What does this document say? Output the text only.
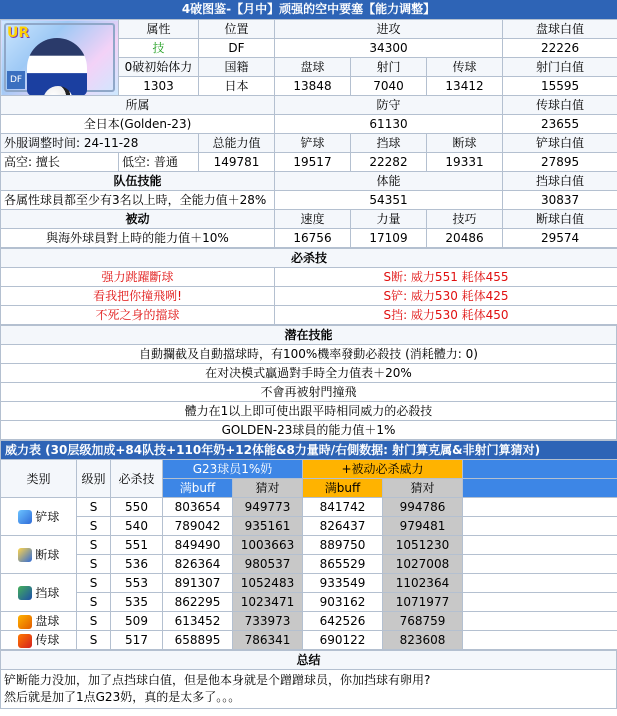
4破图鉴-【月中】顽强的空中要塞【能力调整】
UR
DF	属性	位置	进攻			盘球白值
	技	DF	34300			22226
	0破初始体力	国籍	盘球	射门	传球	射门白值
	1303	日本	13848	7040	13412	15595
所属			防守			传球白值
全日本(Golden-23)			61130			23655
外服调整时间: 24-11-28		总能力值	铲球	挡球	断球	铲球白值
高空: 擅长	低空: 普通	149781	19517	22282	19331	27895
队伍技能			体能			挡球白值
各属性球員都至少有3名以上時，全能力值＋28%			54351			30837
被动			速度	力量	技巧	断球白值
與海外球員對上時的能力值＋10%			16756	17109	20486	29574
必杀技	
强力跳躍斷球	S断: 威力551 耗体455
看我把你撞飛咧!	S铲: 威力530 耗体425
不死之身的擋球	S挡: 威力530 耗体450
潜在技能
自動攔截及自動擋球時，有100%機率發動必殺技 (消耗體力: 0)
在对决模式贏過對手時全力值表＋20%
不會再被射門撞飛
體力在1以上即可使出跟平時相同威力的必殺技
GOLDEN-23球員的能力值＋1%
威力表 (30层级加成+84队技+110年奶+12体能&8力量時/右側数据: 射门算克属&非射门算猜对)							
类别	级别	必杀技	G23球员1%奶		+被动必杀威力		
			满buff	猜对	满buff	猜对	
铲球	S	550	803654	949773	841742	994786	
	S	540	789042	935161	826437	979481	
断球	S	551	849490	1003663	889750	1051230	
	S	536	826364	980537	865529	1027008	
挡球	S	553	891307	1052483	933549	1102364	
	S	535	862295	1023471	903162	1071977	
盘球	S	509	613452	733973	642526	768759	
传球	S	517	658895	786341	690122	823608	
总结

铲断能力没加，加了点挡球白值，但是他本身就是个蹭蹭球员，你加挡球有卵用?
然后就是加了1点G23奶，真的是太多了。。。
